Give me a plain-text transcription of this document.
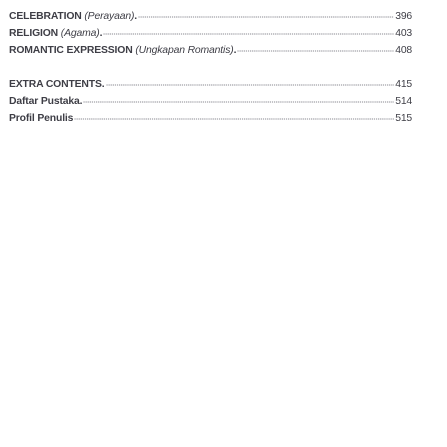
CELEBRATION (Perayaan).	396
RELIGION (Agama).	403
ROMANTIC EXPRESSION (Ungkapan Romantis).	408
EXTRA CONTENTS.	415
Daftar Pustaka.	514
Profil Penulis	515
